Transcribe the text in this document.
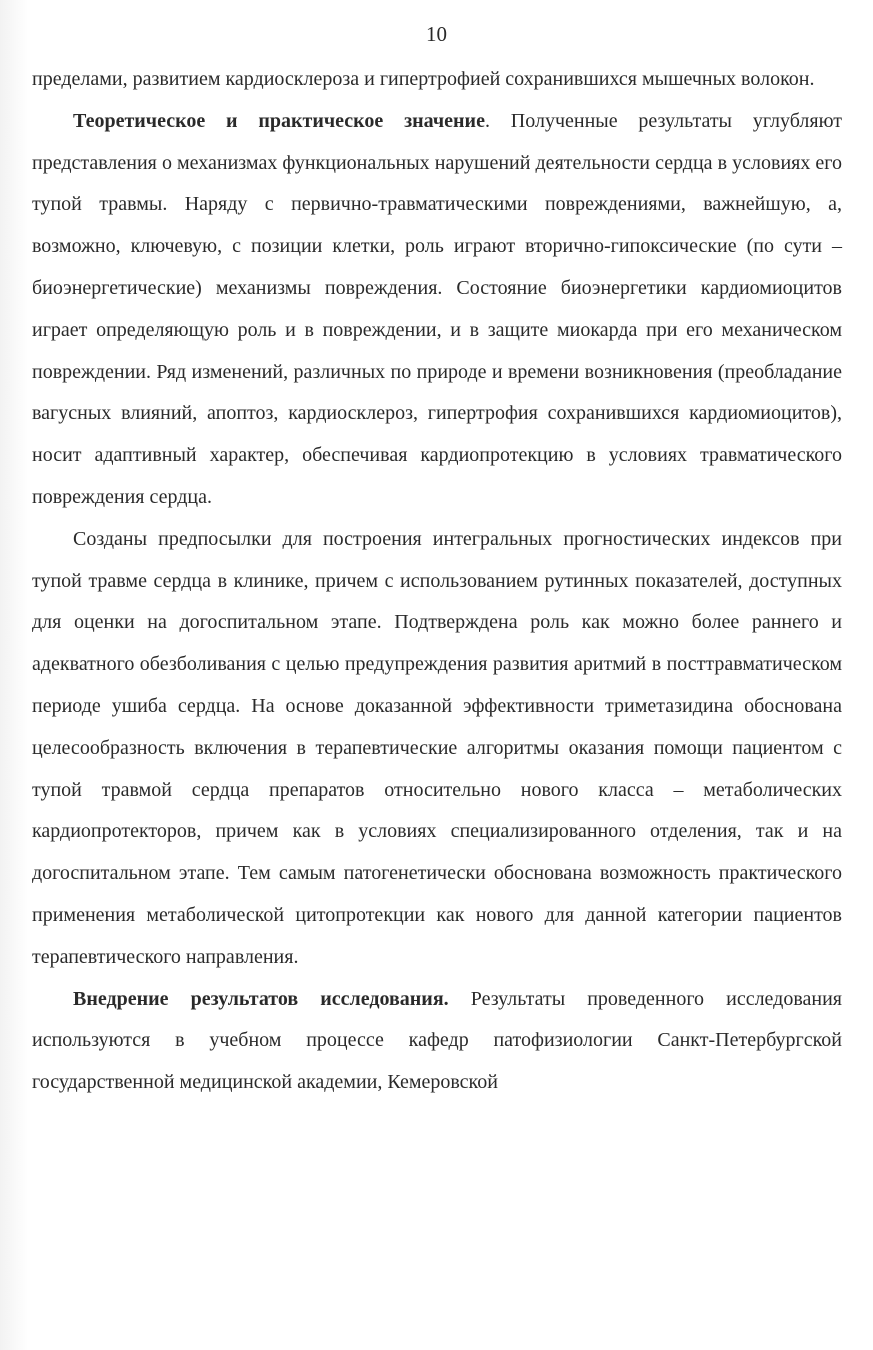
10

пределами, развитием кардиосклероза и гипертрофией сохранившихся мышечных волокон.

Теоретическое и практическое значение. Полученные результаты углубляют представления о механизмах функциональных нарушений деятельности сердца в условиях его тупой травмы. Наряду с первично-травматическими повреждениями, важнейшую, а, возможно, ключевую, с позиции клетки, роль играют вторично-гипоксические (по сути – биоэнергетические) механизмы повреждения. Состояние биоэнергетики кардиомиоцитов играет определяющую роль и в повреждении, и в защите миокарда при его механическом повреждении. Ряд изменений, различных по природе и времени возникновения (преобладание вагусных влияний, апоптоз, кардиосклероз, гипертрофия сохранившихся кардиомиоцитов), носит адаптивный характер, обеспечивая кардиопротекцию в условиях травматического повреждения сердца.

Созданы предпосылки для построения интегральных прогностических индексов при тупой травме сердца в клинике, причем с использованием рутинных показателей, доступных для оценки на догоспитальном этапе. Подтверждена роль как можно более раннего и адекватного обезболивания с целью предупреждения развития аритмий в посттравматическом периоде ушиба сердца. На основе доказанной эффективности триметазидина обоснована целесообразность включения в терапевтические алгоритмы оказания помощи пациентом с тупой травмой сердца препаратов относительно нового класса – метаболических кардиопротекторов, причем как в условиях специализированного отделения, так и на догоспитальном этапе. Тем самым патогенетически обоснована возможность практического применения метаболической цитопротекции как нового для данной категории пациентов терапевтического направления.

Внедрение результатов исследования. Результаты проведенного исследования используются в учебном процессе кафедр патофизиологии Санкт-Петербургской государственной медицинской академии, Кемеровской
